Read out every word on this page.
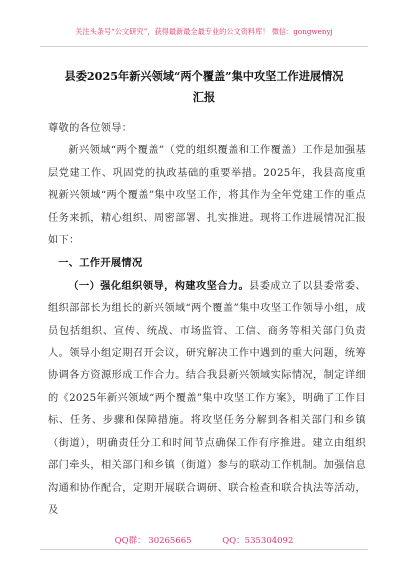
关注头条号“公文研究”，获得最新最全最专业的公文资料库！ 微信：gongwenyj
县委2025年新兴领域“两个覆盖”集中攻坚工作进展情况
汇报

尊敬的各位领导：

新兴领域“两个覆盖”（党的组织覆盖和工作覆盖）工作是加强基层党建工作、巩固党的执政基础的重要举措。2025年，我县高度重视新兴领域“两个覆盖”集中攻坚工作，将其作为全年党建工作的重点任务来抓，精心组织、周密部署、扎实推进。现将工作进展情况汇报如下：

一、工作开展情况

（一）强化组织领导，构建攻坚合力。县委成立了以县委常委、组织部部长为组长的新兴领域“两个覆盖”集中攻坚工作领导小组，成员包括组织、宣传、统战、市场监管、工信、商务等相关部门负责人。领导小组定期召开会议，研究解决工作中遇到的重大问题，统筹协调各方资源形成工作合力。结合我县新兴领域实际情况，制定详细的《2025年新兴领域“两个覆盖”集中攻坚工作方案》，明确了工作目标、任务、步骤和保障措施。将攻坚任务分解到各相关部门和乡镇（街道），明确责任分工和时间节点确保工作有序推进。建立由组织部门牵头，相关部门和乡镇（街道）参与的联动工作机制。加强信息沟通和协作配合，定期开展联合调研、联合检查和联合执法等活动，及

QQ群： 30265665	QQ：535304092
